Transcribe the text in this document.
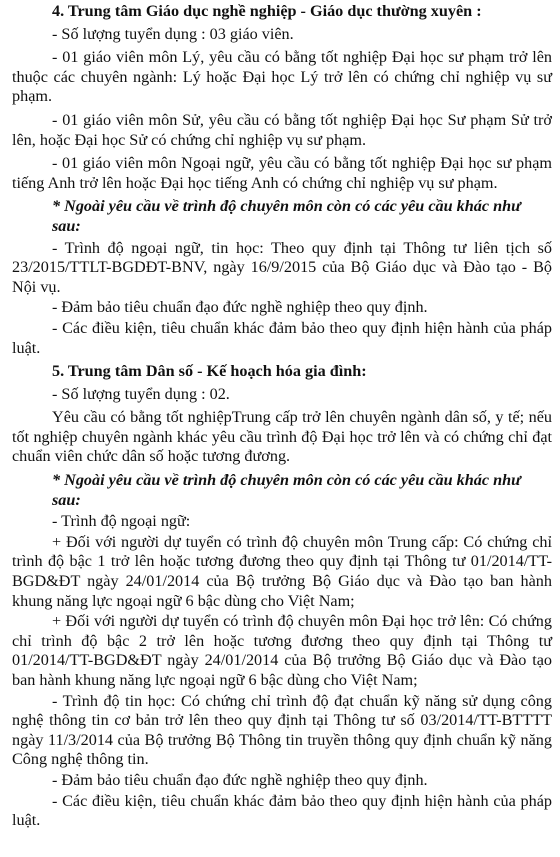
4. Trung tâm Giáo dục nghề nghiệp - Giáo dục thường xuyên :

- Số lượng tuyển dụng : 03 giáo viên.

- 01 giáo viên môn Lý, yêu cầu có bằng tốt nghiệp Đại học sư phạm trở lên thuộc các chuyên ngành: Lý hoặc Đại học Lý trở lên có chứng chỉ nghiệp vụ sư phạm.

- 01 giáo viên môn Sử, yêu cầu có bằng tốt nghiệp Đại học Sư phạm Sử trở lên, hoặc Đại học Sử có chứng chỉ nghiệp vụ sư phạm.

- 01 giáo viên môn Ngoại ngữ, yêu cầu có bằng tốt nghiệp Đại học sư phạm tiếng Anh trở lên hoặc Đại học tiếng Anh có chứng chỉ nghiệp vụ sư phạm.

* Ngoài yêu cầu về trình độ chuyên môn còn có các yêu cầu khác như sau:

- Trình độ ngoại ngữ, tin học: Theo quy định tại Thông tư liên tịch số 23/2015/TTLT-BGDĐT-BNV, ngày 16/9/2015 của Bộ Giáo dục và Đào tạo - Bộ Nội vụ.

- Đảm bảo tiêu chuẩn đạo đức nghề nghiệp theo quy định.

- Các điều kiện, tiêu chuẩn khác đảm bảo theo quy định hiện hành của pháp luật.

5. Trung tâm Dân số - Kế hoạch hóa gia đình:

- Số lượng tuyển dụng : 02.

Yêu cầu có bằng tốt nghiệpTrung cấp trở lên chuyên ngành dân số, y tế; nếu tốt nghiệp chuyên ngành khác yêu cầu trình độ Đại học trở lên và có chứng chỉ đạt chuẩn viên chức dân số hoặc tương đương.

* Ngoài yêu cầu về trình độ chuyên môn còn có các yêu cầu khác như sau:

- Trình độ ngoại ngữ:

+ Đối với người dự tuyển có trình độ chuyên môn Trung cấp: Có chứng chỉ trình độ bậc 1 trở lên hoặc tương đương theo quy định tại Thông tư 01/2014/TT-BGD&ĐT ngày 24/01/2014 của Bộ trưởng Bộ Giáo dục và Đào tạo ban hành khung năng lực ngoại ngữ 6 bậc dùng cho Việt Nam;

+ Đối với người dự tuyển có trình độ chuyên môn Đại học trở lên: Có chứng chỉ trình độ bậc 2 trở lên hoặc tương đương theo quy định tại Thông tư 01/2014/TT-BGD&ĐT ngày 24/01/2014 của Bộ trưởng Bộ Giáo dục và Đào tạo ban hành khung năng lực ngoại ngữ 6 bậc dùng cho Việt Nam;

- Trình độ tin học: Có chứng chỉ trình độ đạt chuẩn kỹ năng sử dụng công nghệ thông tin cơ bản trở lên theo quy định tại Thông tư số 03/2014/TT-BTTTT ngày 11/3/2014 của Bộ trưởng Bộ Thông tin truyền thông quy định chuẩn kỹ năng Công nghệ thông tin.

- Đảm bảo tiêu chuẩn đạo đức nghề nghiệp theo quy định.

- Các điều kiện, tiêu chuẩn khác đảm bảo theo quy định hiện hành của pháp luật.
